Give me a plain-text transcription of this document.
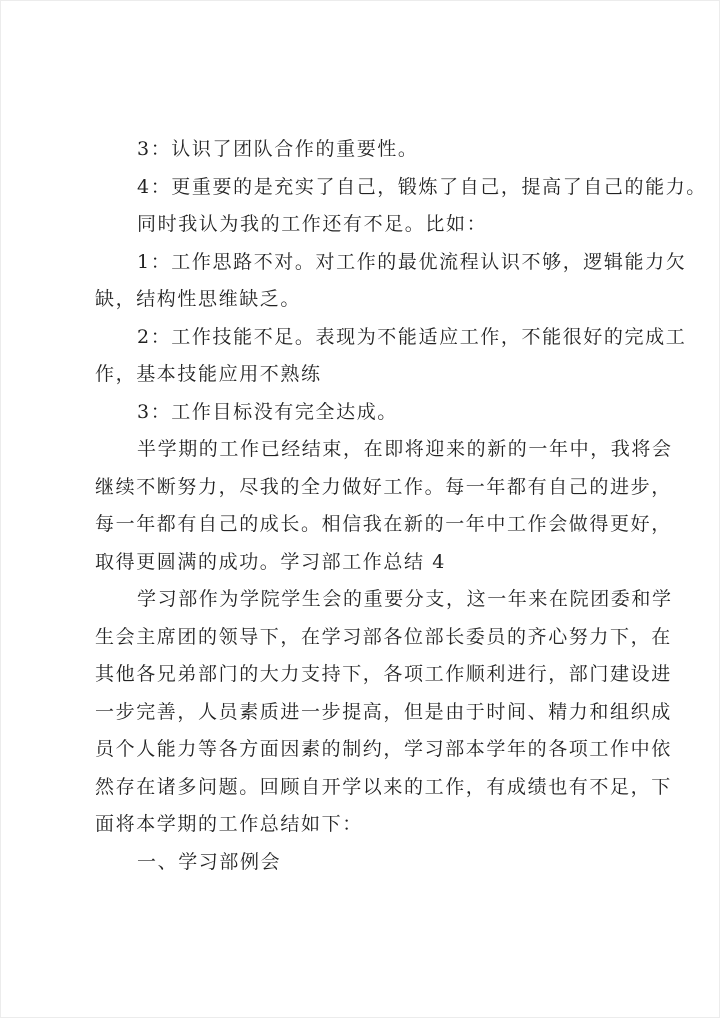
3：认识了团队合作的重要性。
4：更重要的是充实了自己，锻炼了自己，提高了自己的能力。
同时我认为我的工作还有不足。比如：
1：工作思路不对。对工作的最优流程认识不够，逻辑能力欠
缺，结构性思维缺乏。
2：工作技能不足。表现为不能适应工作，不能很好的完成工
作，基本技能应用不熟练
3：工作目标没有完全达成。
半学期的工作已经结束，在即将迎来的新的一年中，我将会
继续不断努力，尽我的全力做好工作。每一年都有自己的进步，
每一年都有自己的成长。相信我在新的一年中工作会做得更好，
取得更圆满的成功。学习部工作总结 4
学习部作为学院学生会的重要分支，这一年来在院团委和学
生会主席团的领导下，在学习部各位部长委员的齐心努力下，在
其他各兄弟部门的大力支持下，各项工作顺利进行，部门建设进
一步完善，人员素质进一步提高，但是由于时间、精力和组织成
员个人能力等各方面因素的制约，学习部本学年的各项工作中依
然存在诸多问题。回顾自开学以来的工作，有成绩也有不足，下
面将本学期的工作总结如下：
一、学习部例会
